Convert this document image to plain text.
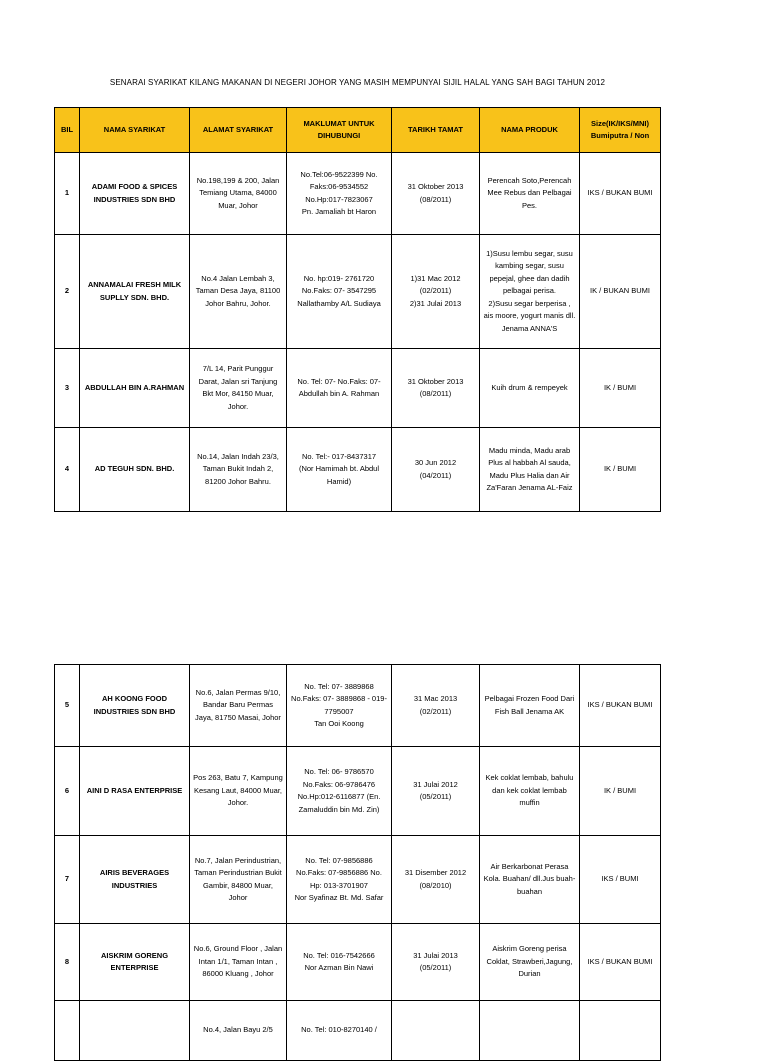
SENARAI SYARIKAT KILANG MAKANAN DI NEGERI JOHOR YANG MASIH MEMPUNYAI SIJIL HALAL YANG SAH BAGI TAHUN 2012
BIL	NAMA SYARIKAT	ALAMAT SYARIKAT	MAKLUMAT UNTUK DIHUBUNGI	TARIKH TAMAT	NAMA PRODUK	Size(IK/IKS/MNI)
Bumiputra / Non

1	ADAMI FOOD & SPICES INDUSTRIES SDN BHD	No.198,199 & 200, Jalan Temiang Utama, 84000 Muar, Johor	No.Tel:06-9522399 No.
Faks:06-9534552
No.Hp:017-7823067
Pn. Jamaliah bt Haron	31 Oktober 2013
(08/2011)	Perencah Soto,Perencah Mee Rebus dan Pelbagai Pes.	IKS / BUKAN BUMI
2	ANNAMALAI FRESH MILK SUPLLY SDN. BHD.	No.4 Jalan Lembah 3, Taman Desa Jaya, 81100 Johor Bahru, Johor.	No. hp:019- 2761720
No.Faks: 07- 3547295
Nallathamby A/L Sudiaya	1)31 Mac 2012
(02/2011)
2)31 Julai 2013	1)Susu lembu segar, susu kambing segar, susu pepejal, ghee dan dadih pelbagai perisa.
2)Susu segar berperisa , ais moore, yogurt manis dll.
Jenama ANNA'S	IK / BUKAN BUMI
3	ABDULLAH BIN A.RAHMAN	7/L 14, Parit Punggur Darat, Jalan sri Tanjung Bkt Mor, 84150 Muar, Johor.	No. Tel: 07- No.Faks: 07-
Abdullah bin A. Rahman	31 Oktober 2013
(08/2011)	Kuih drum & rempeyek	IK / BUMI
4	AD TEGUH SDN. BHD.	No.14, Jalan Indah 23/3, Taman Bukit Indah 2, 81200 Johor Bahru.	No. Tel:- 017-8437317
(Nor Hamimah bt. Abdul Hamid)	30 Jun 2012
(04/2011)	Madu minda, Madu arab Plus al habbah Al sauda, Madu Plus Halia dan Air Za'Faran Jenama AL-Faiz	IK / BUMI
5	AH KOONG FOOD INDUSTRIES SDN BHD	No.6, Jalan Permas 9/10, Bandar Baru Permas Jaya, 81750 Masai, Johor	No. Tel: 07- 3889868
No.Faks: 07- 3889868 - 019-7795007
Tan Ooi Koong	31 Mac 2013
(02/2011)	Pelbagai Frozen Food Dari Fish Ball Jenama AK	IKS / BUKAN BUMI
6	AINI D RASA ENTERPRISE	Pos 263, Batu 7, Kampung Kesang Laut, 84000 Muar, Johor.	No. Tel: 06- 9786570
No.Faks: 06-9786476
No.Hp:012-6116877 (En. Zamaluddin bin Md. Zin)	31 Julai 2012
(05/2011)	Kek coklat lembab, bahulu dan kek coklat lembab muffin	IK / BUMI
7	AIRIS BEVERAGES INDUSTRIES	No.7, Jalan Perindustrian, Taman Perindustrian Bukit Gambir, 84800 Muar, Johor	No. Tel: 07-9856886
No.Faks: 07-9856886 No. Hp: 013-3701907
Nor Syafinaz Bt. Md. Safar	31 Disember 2012
(08/2010)	Air Berkarbonat Perasa Kola. Buahan/ dll.Jus buah-buahan	IKS / BUMI
8	AISKRIM GORENG ENTERPRISE	No.6, Ground Floor , Jalan Intan 1/1, Taman Intan , 86000 Kluang , Johor	No. Tel: 016-7542666
Nor Azman Bin Nawi	31 Julai 2013
(05/2011)	Aiskrim Goreng perisa Coklat, Strawberi,Jagung, Durian	IKS / BUKAN BUMI
		No.4, Jalan Bayu 2/5	No. Tel: 010-8270140 /			
